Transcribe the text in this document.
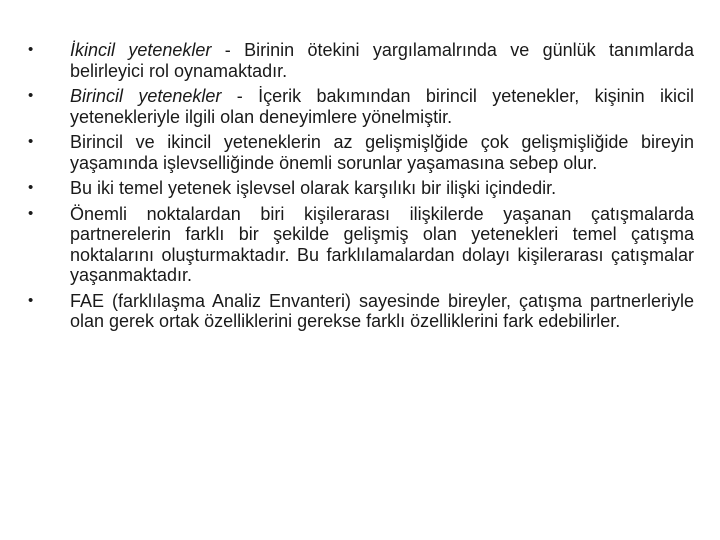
•	İkincil yetenekler - Birinin ötekini yargılamalrında ve günlük tanımlarda belirleyici rol oynamaktadır.
•	Birincil yetenekler - İçerik bakımından birincil yetenekler, kişinin ikicil yetenekleriyle ilgili olan deneyimlere yönelmiştir.
•	Birincil ve ikincil yeteneklerin az gelişmişlğide çok gelişmişliğide bireyin yaşamında işlevselliğinde önemli sorunlar yaşamasına sebep olur.
•	Bu iki temel yetenek işlevsel olarak karşılıkı bir ilişki içindedir.
•	Önemli noktalardan biri kişilerarası ilişkilerde yaşanan çatışmalarda partnerelerin farklı bir şekilde gelişmiş olan yetenekleri temel çatışma noktalarını oluşturmaktadır. Bu farklılamalardan dolayı kişilerarası çatışmalar yaşanmaktadır.
•	FAE (farklılaşma Analiz Envanteri) sayesinde bireyler, çatışma partnerleriyle olan gerek ortak özelliklerini gerekse farklı özelliklerini fark edebilirler.
